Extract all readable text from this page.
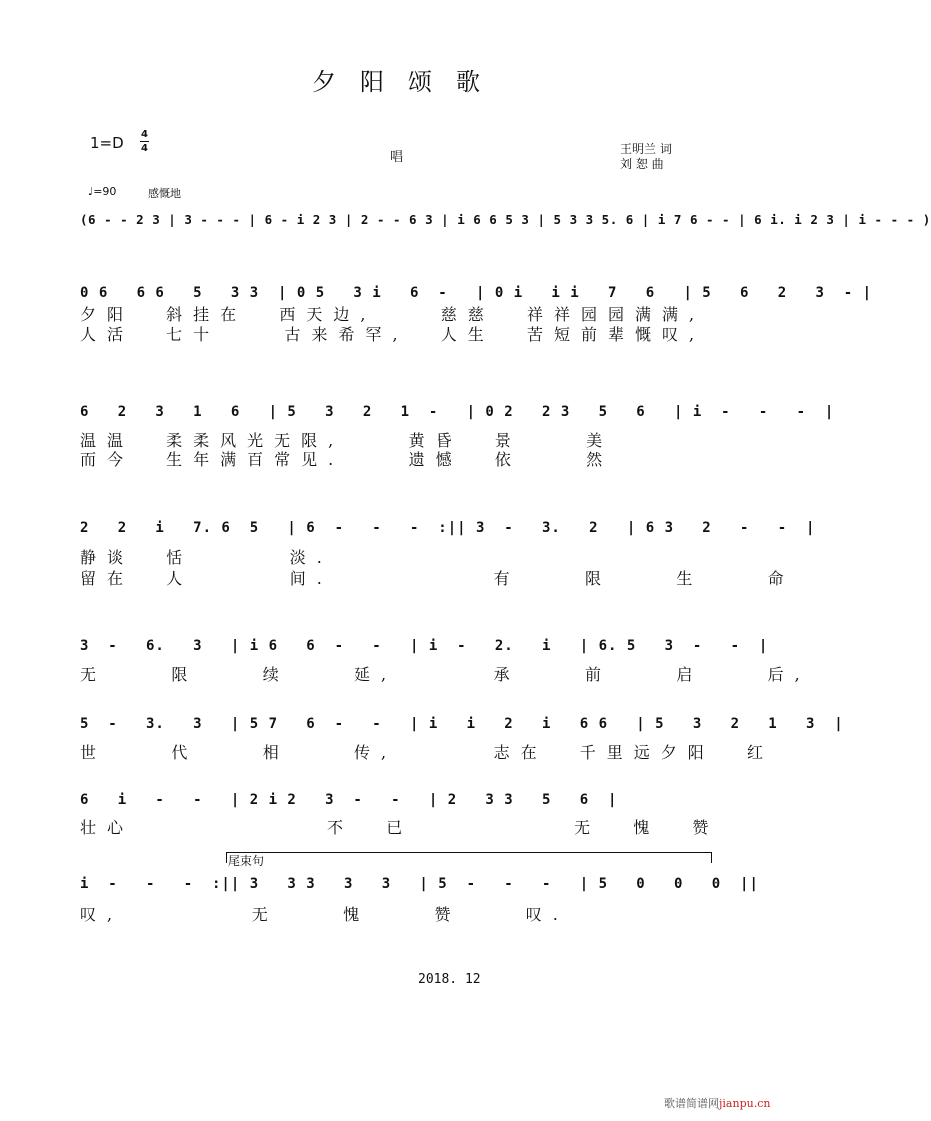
夕 阳 颂 歌
1=D 4
4
唱
王明兰 词
刘 恕 曲
♩=90	感慨地
(6 - - 2 3 | 3 - - - | 6 - i 2 3 | 2 - - 6 3 | i 6 6 5 3 | 5 3 3 5. 6 | i 7 6 - - | 6 i. i 2 3 | i - - - )
0 6   6 6   5   3 3  | 0 5   3 i   6  -   | 0 i   i i   7   6   | 5   6   2   3  - |
夕阳  斜挂在  西天边,    慈慈  祥祥园园满满,
人活  七十    古来希罕,  人生  苦短前辈慨叹,
6   2   3   1   6   | 5   3   2   1  -   | 0 2   2 3   5   6   | i  -   -   -  |
温温  柔柔风光无限,    黄昏  景    美
而今  生年满百常见.    遗憾  依    然
2   2   i   7. 6  5   | 6  -   -   -  :|| 3  -   3.   2   | 6 3   2   -   -  |
静谈  恬      淡.
留在  人      间.          有    限    生    命
3  -   6.   3   | i 6   6  -   -   | i  -   2.   i   | 6. 5   3  -   -  |
无    限    续    延,      承    前    启    后,
5  -   3.   3   | 5 7   6  -   -   | i   i   2   i   6 6   | 5   3   2   1   3  |
世    代    相    传,      志在  千里远夕阳  红
6   i   -   -   | 2 i 2   3  -   -   | 2   3 3   5   6  |
壮心            不  已          无  愧  赞
尾束句
i  -   -   -  :|| 3   3 3   3   3   | 5  -   -   -   | 5   0   0   0  ||
叹,        无    愧    赞    叹.
2018. 12
歌谱简谱网jianpu.cn
